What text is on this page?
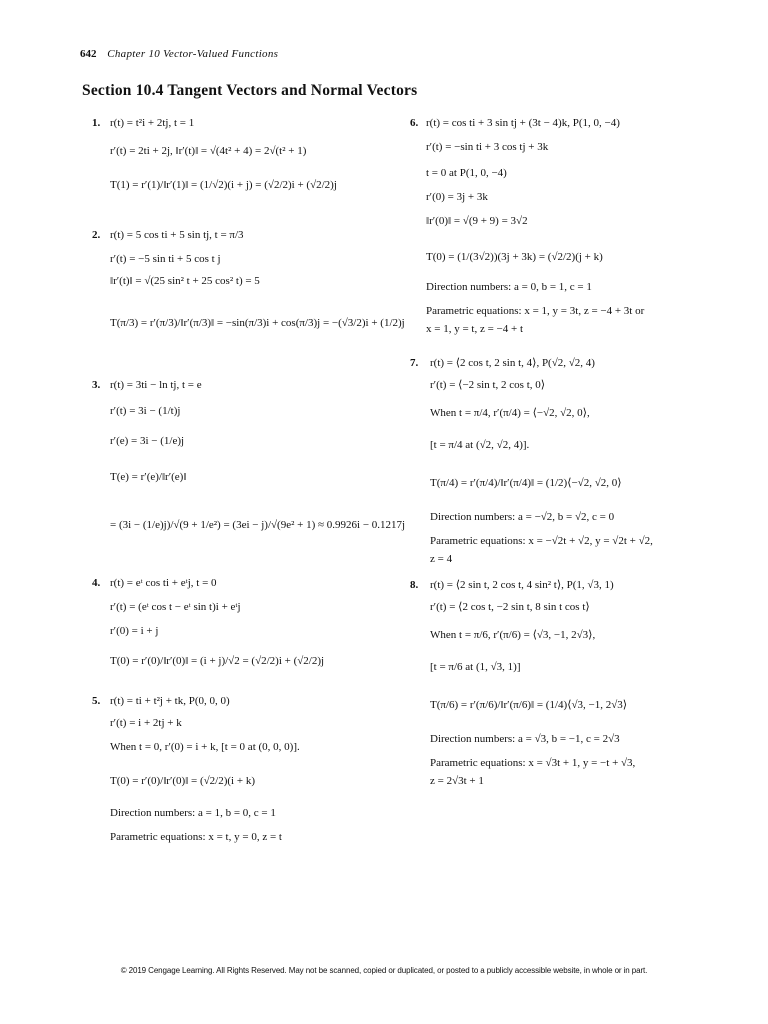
642 Chapter 10 Vector-Valued Functions
Section 10.4 Tangent Vectors and Normal Vectors
1. r(t) = t²i + 2tj, t = 1
r′(t) = 2ti + 2j, ‖r′(t)‖ = √(4t² + 4) = 2√(t² + 1)
T(1) = r′(1)/‖r′(1)‖ = (1/√2)(i + j) = (√2/2)i + (√2/2)j
2. r(t) = 5 cos ti + 5 sin tj, t = π/3
r′(t) = −5 sin ti + 5 cos t j
‖r′(t)‖ = √(25 sin² t + 25 cos² t) = 5
T(π/3) = r′(π/3)/‖r′(π/3)‖ = −sin(π/3)i + cos(π/3)j = −(√3/2)i + (1/2)j
3. r(t) = 3ti − ln tj, t = e
r′(t) = 3i − (1/t)j
r′(e) = 3i − (1/e)j
T(e) = r′(e)/‖r′(e)‖
= (3i − (1/e)j)/√(9 + 1/e²) = (3ei − j)/√(9e² + 1) ≈ 0.9926i − 0.1217j
4. r(t) = eᵗ cos ti + eᵗj, t = 0
r′(t) = (eᵗ cos t − eᵗ sin t)i + eᵗj
r′(0) = i + j
T(0) = r′(0)/‖r′(0)‖ = (i + j)/√2 = (√2/2)i + (√2/2)j
5. r(t) = ti + t²j + tk, P(0, 0, 0)
r′(t) = i + 2tj + k
When t = 0, r′(0) = i + k, [t = 0 at (0, 0, 0)].
T(0) = r′(0)/‖r′(0)‖ = (√2/2)(i + k)
Direction numbers: a = 1, b = 0, c = 1
Parametric equations: x = t, y = 0, z = t
6. r(t) = cos ti + 3 sin tj + (3t − 4)k, P(1, 0, −4)
r′(t) = −sin ti + 3 cos tj + 3k
t = 0 at P(1, 0, −4)
r′(0) = 3j + 3k
‖r′(0)‖ = √(9 + 9) = 3√2
T(0) = (1/(3√2))(3j + 3k) = (√2/2)(j + k)
Direction numbers: a = 0, b = 1, c = 1
Parametric equations: x = 1, y = 3t, z = −4 + 3t or
x = 1, y = t, z = −4 + t
7. r(t) = ⟨2 cos t, 2 sin t, 4⟩, P(√2, √2, 4)
r′(t) = ⟨−2 sin t, 2 cos t, 0⟩
When t = π/4, r′(π/4) = ⟨−√2, √2, 0⟩,
[t = π/4 at (√2, √2, 4)].
T(π/4) = r′(π/4)/‖r′(π/4)‖ = (1/2)⟨−√2, √2, 0⟩
Direction numbers: a = −√2, b = √2, c = 0
Parametric equations: x = −√2t + √2, y = √2t + √2,
z = 4
8. r(t) = ⟨2 sin t, 2 cos t, 4 sin² t⟩, P(1, √3, 1)
r′(t) = ⟨2 cos t, −2 sin t, 8 sin t cos t⟩
When t = π/6, r′(π/6) = ⟨√3, −1, 2√3⟩,
[t = π/6 at (1, √3, 1)]
T(π/6) = r′(π/6)/‖r′(π/6)‖ = (1/4)⟨√3, −1, 2√3⟩
Direction numbers: a = √3, b = −1, c = 2√3
Parametric equations: x = √3t + 1, y = −t + √3,
z = 2√3t + 1
© 2019 Cengage Learning. All Rights Reserved. May not be scanned, copied or duplicated, or posted to a publicly accessible website, in whole or in part.
